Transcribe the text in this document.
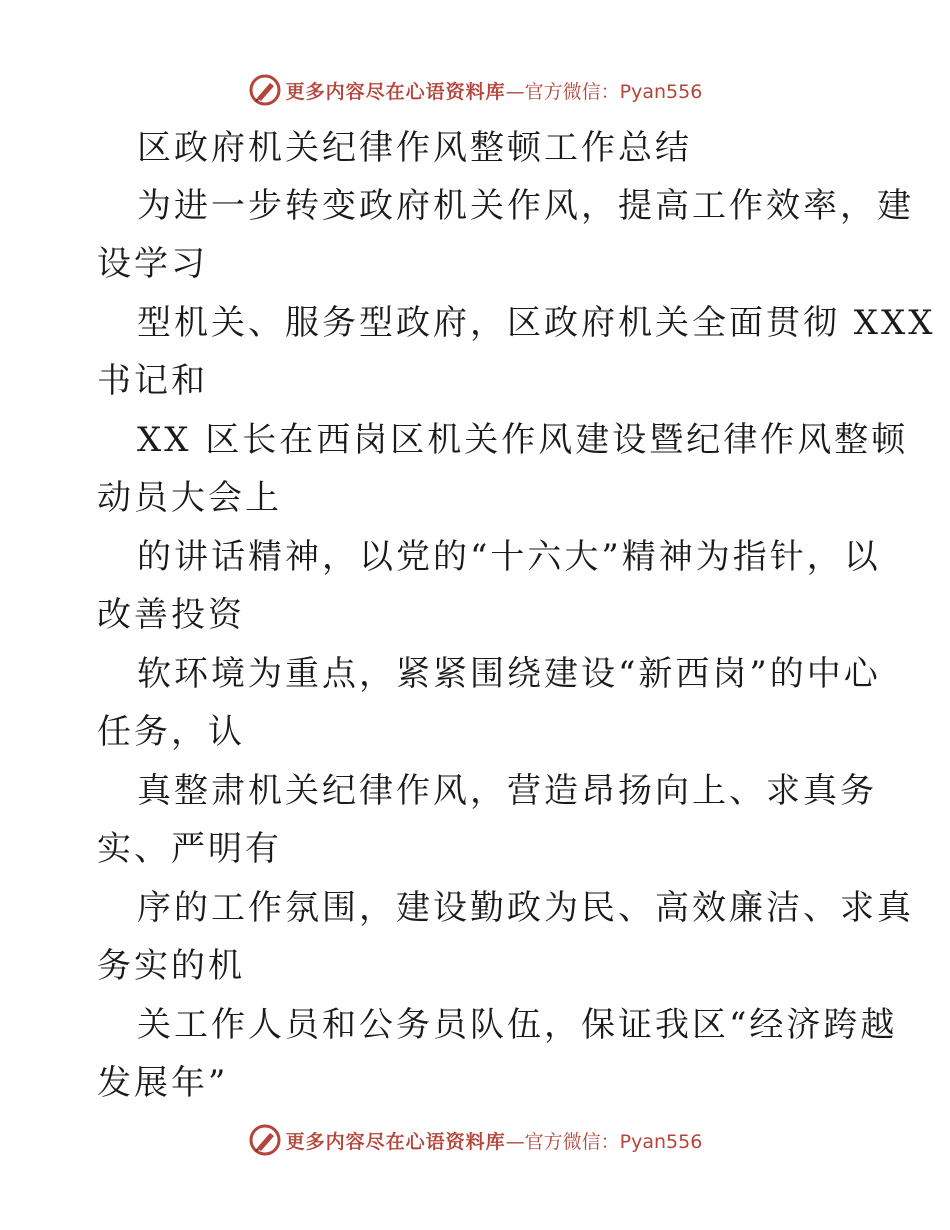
更多内容尽在心语资料库 —官方微信：Pyan556
区政府机关纪律作风整顿工作总结
为进一步转变政府机关作风，提高工作效率，建
设学习
型机关、服务型政府，区政府机关全面贯彻 XXX
书记和
XX 区长在西岗区机关作风建设暨纪律作风整顿
动员大会上
的讲话精神，以党的“十六大”精神为指针，以
改善投资
软环境为重点，紧紧围绕建设“新西岗”的中心
任务，认
真整肃机关纪律作风，营造昂扬向上、求真务
实、严明有
序的工作氛围，建设勤政为民、高效廉洁、求真
务实的机
关工作人员和公务员队伍，保证我区“经济跨越
发展年”
更多内容尽在心语资料库 —官方微信：Pyan556
